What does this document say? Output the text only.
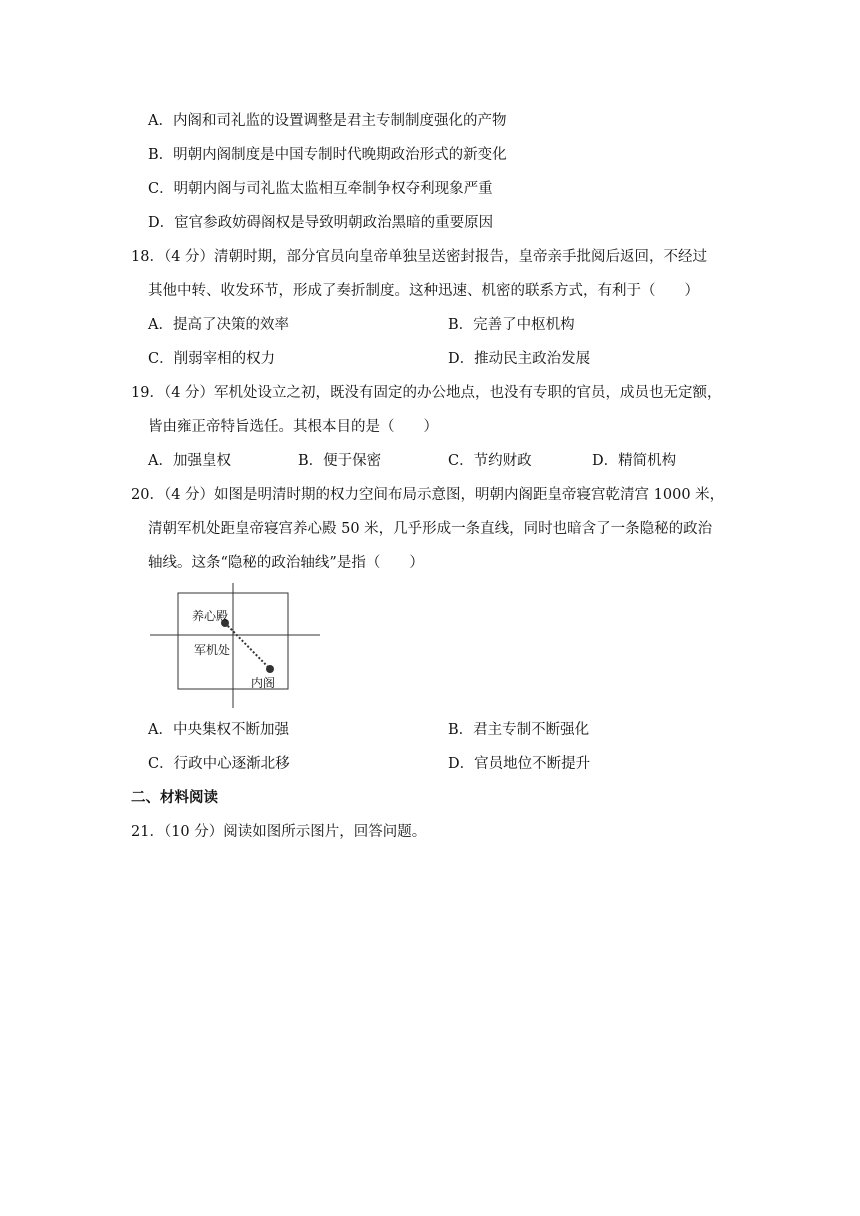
A．内阁和司礼监的设置调整是君主专制制度强化的产物
B．明朝内阁制度是中国专制时代晚期政治形式的新变化
C．明朝内阁与司礼监太监相互牵制争权夺利现象严重
D．宦官参政妨碍阁权是导致明朝政治黑暗的重要原因
18．（4 分）清朝时期，部分官员向皇帝单独呈送密封报告，皇帝亲手批阅后返回，不经过
其他中转、收发环节，形成了奏折制度。这种迅速、机密的联系方式，有利于（　　）
A．提高了决策的效率	B．完善了中枢机构
C．削弱宰相的权力	D．推动民主政治发展
19．（4 分）军机处设立之初，既没有固定的办公地点，也没有专职的官员，成员也无定额，
皆由雍正帝特旨选任。其根本目的是（　　）
A．加强皇权	B．便于保密	C．节约财政	D．精简机构
20．（4 分）如图是明清时期的权力空间布局示意图，明朝内阁距皇帝寝宫乾清宫 1000 米，
清朝军机处距皇帝寝宫养心殿 50 米，几乎形成一条直线，同时也暗含了一条隐秘的政治
轴线。这条“隐秘的政治轴线”是指（　　）
养心殿
军机处
内阁
A．中央集权不断加强	B．君主专制不断强化
C．行政中心逐渐北移	D．官员地位不断提升
二、材料阅读
21．（10 分）阅读如图所示图片，回答问题。
